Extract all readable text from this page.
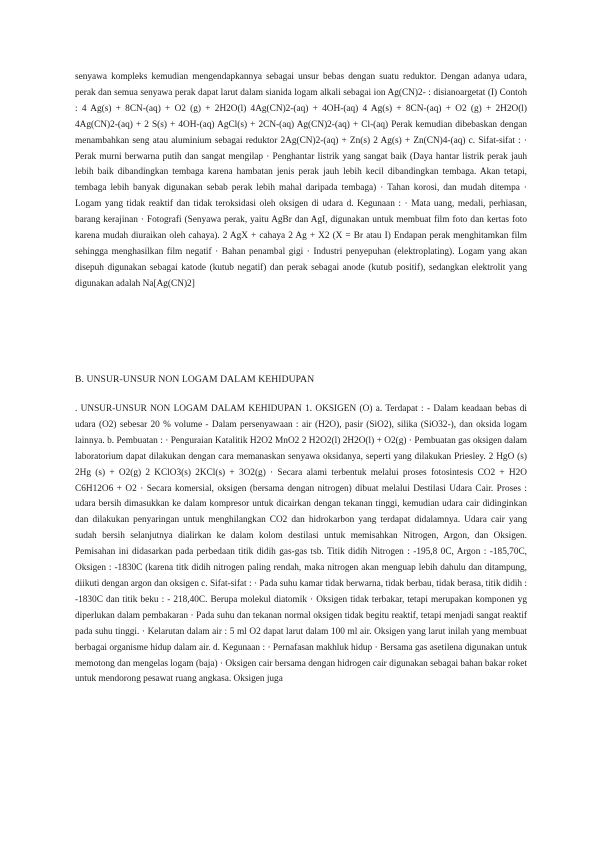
senyawa kompleks kemudian mengendapkannya sebagai unsur bebas dengan suatu reduktor. Dengan adanya udara, perak dan semua senyawa perak dapat larut dalam sianida logam alkali sebagai ion Ag(CN)2- : disianoargetat (I) Contoh : 4 Ag(s) + 8CN-(aq) + O2 (g) + 2H2O(l) 4Ag(CN)2-(aq) + 4OH-(aq) 4 Ag(s) + 8CN-(aq) + O2 (g) + 2H2O(l) 4Ag(CN)2-(aq) + 2 S(s) + 4OH-(aq) AgCl(s) + 2CN-(aq) Ag(CN)2-(aq) + Cl-(aq) Perak kemudian dibebaskan dengan menambahkan seng atau aluminium sebagai reduktor 2Ag(CN)2-(aq) + Zn(s) 2 Ag(s) + Zn(CN)4-(aq) c. Sifat-sifat : · Perak murni berwarna putih dan sangat mengilap · Penghantar listrik yang sangat baik (Daya hantar listrik perak jauh lebih baik dibandingkan tembaga karena hambatan jenis perak jauh lebih kecil dibandingkan tembaga. Akan tetapi, tembaga lebih banyak digunakan sebab perak lebih mahal daripada tembaga) · Tahan korosi, dan mudah ditempa · Logam yang tidak reaktif dan tidak teroksidasi oleh oksigen di udara d. Kegunaan : · Mata uang, medali, perhiasan, barang kerajinan · Fotografi (Senyawa perak, yaitu AgBr dan AgI, digunakan untuk membuat film foto dan kertas foto karena mudah diuraikan oleh cahaya). 2 AgX + cahaya 2 Ag + X2 (X = Br atau I) Endapan perak menghitamkan film sehingga menghasilkan film negatif · Bahan penambal gigi · Industri penyepuhan (elektroplating). Logam yang akan disepuh digunakan sebagai katode (kutub negatif) dan perak sebagai anode (kutub positif), sedangkan elektrolit yang digunakan adalah Na[Ag(CN)2]

B. UNSUR-UNSUR NON LOGAM DALAM KEHIDUPAN

. UNSUR-UNSUR NON LOGAM DALAM KEHIDUPAN 1. OKSIGEN (O) a. Terdapat : - Dalam keadaan bebas di udara (O2) sebesar 20 % volume - Dalam persenyawaan : air (H2O), pasir (SiO2), silika (SiO32-), dan oksida logam lainnya. b. Pembuatan : · Penguraian Katalitik H2O2 MnO2 2 H2O2(l) 2H2O(l) + O2(g) · Pembuatan gas oksigen dalam laboratorium dapat dilakukan dengan cara memanaskan senyawa oksidanya, seperti yang dilakukan Priesley. 2 HgO (s) 2Hg (s) + O2(g) 2 KClO3(s) 2KCl(s) + 3O2(g) · Secara alami terbentuk melalui proses fotosintesis CO2 + H2O C6H12O6 + O2 · Secara komersial, oksigen (bersama dengan nitrogen) dibuat melalui Destilasi Udara Cair. Proses : udara bersih dimasukkan ke dalam kompresor untuk dicairkan dengan tekanan tinggi, kemudian udara cair didinginkan dan dilakukan penyaringan untuk menghilangkan CO2 dan hidrokarbon yang terdapat didalamnya. Udara cair yang sudah bersih selanjutnya dialirkan ke dalam kolom destilasi untuk memisahkan Nitrogen, Argon, dan Oksigen. Pemisahan ini didasarkan pada perbedaan titik didih gas-gas tsb. Titik didih Nitrogen : -195,8 0C, Argon : -185,70C, Oksigen : -1830C (karena titk didih nitrogen paling rendah, maka nitrogen akan menguap lebih dahulu dan ditampung, diikuti dengan argon dan oksigen c. Sifat-sifat : · Pada suhu kamar tidak berwarna, tidak berbau, tidak berasa, titik didih : -1830C dan titik beku : - 218,40C. Berupa molekul diatomik · Oksigen tidak terbakar, tetapi merupakan komponen yg diperlukan dalam pembakaran · Pada suhu dan tekanan normal oksigen tidak begitu reaktif, tetapi menjadi sangat reaktif pada suhu tinggi. · Kelarutan dalam air : 5 ml O2 dapat larut dalam 100 ml air. Oksigen yang larut inilah yang membuat berbagai organisme hidup dalam air. d. Kegunaan : · Pernafasan makhluk hidup · Bersama gas asetilena digunakan untuk memotong dan mengelas logam (baja) · Oksigen cair bersama dengan hidrogen cair digunakan sebagai bahan bakar roket untuk mendorong pesawat ruang angkasa. Oksigen juga
